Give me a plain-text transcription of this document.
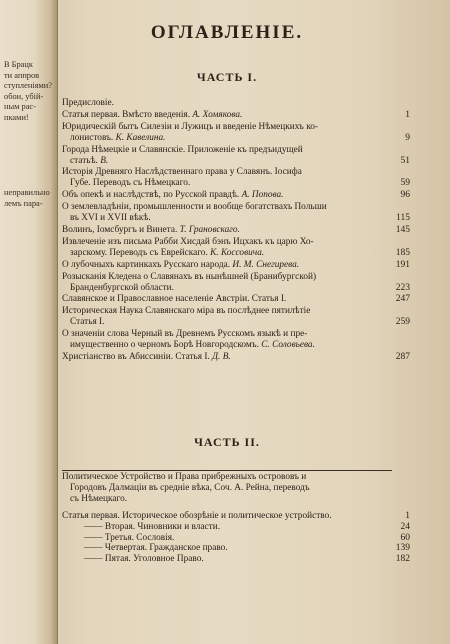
В Брацк
ти аппров
ступленіями?
обои, убій-
ным рас-
пками!
неправильно
лемъ пара-
ОГЛАВЛЕНІЕ.
ЧАСТЬ I.
Предисловіе.
Статья первая. Вмѣсто введенія. А. Хомякова.	1
Юридическій бытъ Силезіи и Лужицъ и введеніе Нѣмецкихъ ко-
лонистовъ. К. Кавелина.	9
Города Нѣмецкіе и Славянскіе. Приложеніе къ предъидущей
статьѣ. В.	51
Исторія Древняго Наслѣдственнаго права у Славянъ. Іосифа
Губе. Переводъ съ Нѣмецкаго.	59
Объ опекѣ и наслѣдствѣ, по Русской правдѣ. А. Попова.	96
О землевладѣніи, промышленности и вообще богатствахъ Польши
въ XVI и XVII вѣкѣ.	115
Волинъ, Іомсбургъ и Винета. Т. Грановскаго.	145
Извлеченіе изъ письма Рабби Хисдай бэнъ Ицхакъ къ царю Хо-
зарскому. Переводъ съ Еврейскаго. К. Коссовича.	185
О лубочныхъ картинкахъ Русскаго народа. И. М. Снегирева.	191
Розысканія Кледена о Славянахъ въ нынѣшней (Бранибургской)
Бранденбургской области.	223
Славянское и Православное населеніе Австріи. Статья I.	247
Историческая Наука Славянскаго міра въ послѣднее пятилѣтіе
Статья I.	259
О значеніи слова Черный въ Древнемъ Русскомъ языкѣ и пре-
имущественно о черномъ Борѣ Новгородскомъ. С. Соловьева.
Христіанство въ Абиссиніи. Статья I. Д. В.	287
ЧАСТЬ II.
Политическое Устройство и Права прибрежныхъ острововъ и
Городовъ Далмаціи въ средніе вѣка, Соч. А. Рейна, переводъ
съ Нѣмецкаго.
Статья первая. Историческое обозрѣніе и политическое устройство.	1
—— Вторая. Чиновники и власти.	24
—— Третья. Сословія.	60
—— Четвертая. Гражданское право.	139
—— Пятая. Уголовное Право.	182
